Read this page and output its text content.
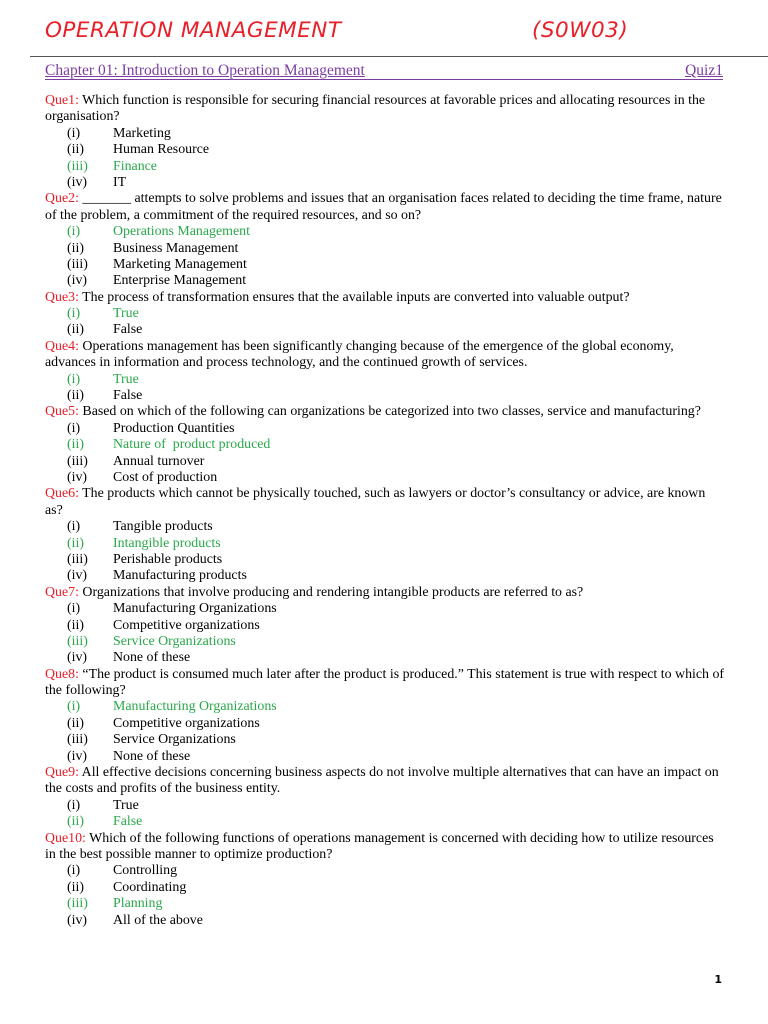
OPERATION MANAGEMENT	(S0W03)
Chapter 01: Introduction to Operation Management	Quiz1
Que1: Which function is responsible for securing financial resources at favorable prices and allocating resources in the
organisation?
(i) Marketing
(ii) Human Resource
(iii) Finance
(iv) IT
Que2: _______ attempts to solve problems and issues that an organisation faces related to deciding the time frame, nature
of the problem, a commitment of the required resources, and so on?
(i) Operations Management
(ii) Business Management
(iii) Marketing Management
(iv) Enterprise Management
Que3: The process of transformation ensures that the available inputs are converted into valuable output?
(i) True
(ii) False
Que4: Operations management has been significantly changing because of the emergence of the global economy,
advances in information and process technology, and the continued growth of services.
(i) True
(ii) False
Que5: Based on which of the following can organizations be categorized into two classes, service and manufacturing?
(i) Production Quantities
(ii) Nature of  product produced
(iii) Annual turnover
(iv) Cost of production
Que6: The products which cannot be physically touched, such as lawyers or doctor’s consultancy or advice, are known
as?
(i) Tangible products
(ii) Intangible products
(iii) Perishable products
(iv) Manufacturing products
Que7: Organizations that involve producing and rendering intangible products are referred to as?
(i) Manufacturing Organizations
(ii) Competitive organizations
(iii) Service Organizations
(iv) None of these
Que8: “The product is consumed much later after the product is produced.” This statement is true with respect to which of
the following?
(i) Manufacturing Organizations
(ii) Competitive organizations
(iii) Service Organizations
(iv) None of these
Que9: All effective decisions concerning business aspects do not involve multiple alternatives that can have an impact on
the costs and profits of the business entity.
(i) True
(ii) False
Que10: Which of the following functions of operations management is concerned with deciding how to utilize resources
in the best possible manner to optimize production?
(i) Controlling
(ii) Coordinating
(iii) Planning
(iv) All of the above
1
